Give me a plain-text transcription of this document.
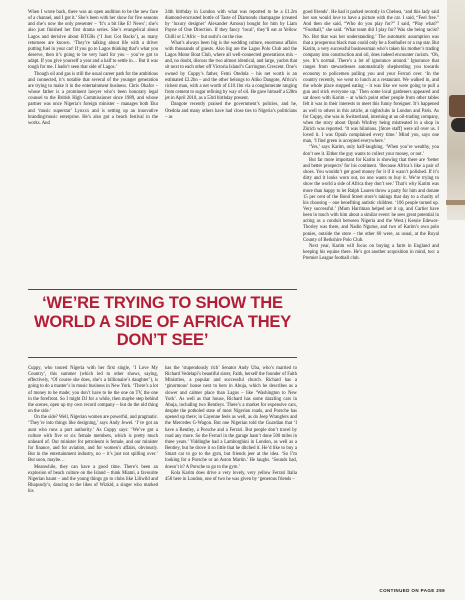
When I wrote back, there was an open audition to be the new face of a channel, and I got it.’ She’s been with her show for five seasons and she’s now the only presenter – ‘It’s a bit like E! News’; she’s also just finished her first drama series. She’s evangelical about Lagos and derisive about BTGBs (‘I Just Got Backs’), as many returnees are known. ‘They’re talking about life with a driver putting fuel in your car! If you go to Lagos thinking that’s what you deserve, then it’s going to be very hard for you – you’ve got to adapt. If you give yourself a year and a half to settle in… But it was tough for me. I hadn’t seen that side of Lagos.’

Though oil and gas is still the usual career path for the ambitious and connected, it’s notable that several of the younger generation are trying to make it in the entertainment business. Chris Okafor – whose father is a prominent lawyer who’s been honorary legal counsel to the British High Commissioner since 1989, and whose partner was once Nigeria’s foreign minister – manages both Eku and ‘music superstar’ Lynxxx and is setting up an innovative branding/music enterprise. He’s also got a beach festival in the works. And

24th birthday in London with what was reported to be a £1.2m diamond-encrusted bottle of Taste of Diamonds champagne (created by ‘luxury designer’ Alexander Amosu) bought for him by Liam Payne of One Direction. If they fancy ‘local’, they’ll eat at Yellow Chilli or L’Afric – but sushi’s on the rise.

What’s always been big is the wedding culture, enormous affairs with thousands of guests. Also big are the Lagos Polo Club and the Lagos Motor Boat Club, where all well-connected generations mix – and, no doubt, discuss the two almost identical, and large, yachts that sit next to each other off Victoria Island’s Carrington Crescent. One’s owned by Cuppy’s father, Femi Otedola – his net worth is an estimated £2.2bn – and the other belongs to Aliko Dangote, Africa’s richest man, with a net worth of £10.1bn via a conglomerate ranging from cement to sugar refining by way of oil. He gave himself a £28m jet in April 2010, as a 53rd birthday present.

Dangote recently praised the government’s policies, and he, Otedola and many others have had close ties to Nigeria’s politicians – as

good friends’. He had it parked recently in Chelsea, ‘and this lady said her son would love to have a picture with the car. I said, “Feel free.” And then she said, “Who do you play for?” I said, “Play what?” “Football,” she said. ‘What team did I play for? Was she being racist? No. But that was her understanding.’ The automatic assumption was that a prosperous black man could only be a footballer or a rap star. But Karim, a very successful businessman who’s taken his mother’s trading company into construction and oil, does indeed encounter racism. ‘Oh, yes. It’s normal. There’s a lot of ignorance around.’ Ignorance that ranges from stewardesses automatically shepherding you towards economy to policemen pulling you and your Ferrari over. ‘In the country recently, we went to lunch at a restaurant. We walked in, and the whole place stopped eating – it was like we were going to pull a gun and stick everyone up.’ Then some local gardeners appeared and sat down with Karim – at which point other people from other tables felt it was in their interests to meet this funny foreigner. It’s happened as well to others in this article, at nightclubs in London and Paris. As for Cuppy, she was in Switzerland, interning at an oil-trading company, when the story about Oprah Winfrey being mistreated in a shop in Zürich was reported. ‘It was hilarious. [Store staff] were all over us. I loved it. I was Oprah complained every time.’ Mind you, says one man, ‘I find green is accepted everywhere.’

‘Yes,’ says Karim, only half-laughing. ‘When you’re wealthy, you don’t see it. Either the guy wants to collect your money, or not.’

But far more important for Karim is showing that there are ‘better and better prospects’ for his continent. ‘Because Africa’s like a pair of shoes. You wouldn’t get good money for it if it wasn’t polished. If it’s dirty and it looks worn out, no one wants to buy it. We’re trying to show the world a side of Africa they don’t see.’ That’s why Karim was more than happy to let Ralph Lauren throw a party for him and donate 15 per cent of the Bond Street store’s takings that day to a charity of his choosing – one benefiting autistic children. ‘106 people turned up. Very successful.’ (Mum Harriman helped set it up, and Cartier have been in touch with him about a similar event: he sees great potential in acting as a conduit between Nigeria and the West.) Kessie Edewor-Thorley was there, and Nadio Ngurue, and two of Karim’s own polo ponies, outside the store – the other 60 were, as usual, at the Royal County of Berkshire Polo Club.

Next year, Karim will focus on buying a farm in England and keeping his equine there. He’s got another acquisition in mind, too: a Premier League football club.

‘WE’RE TRYING TO SHOW THE WORLD A SIDE OF AFRICA THEY DON’T SEE’

Cuppy, who toured Nigeria with her first single, ‘I Love My Country’, this summer (which led to other shows, saying, effectively, ‘Of course she does, she’s a billionaire’s daughter’), is going to do a master’s in music business in New York. ‘There’s a lot of money to be made; you don’t have to be the one on TV, the one in the forefront. So I might DJ for a while, then maybe step behind the scenes, open up my own record company – but do the old thing on the side.’

On the side? Well, Nigerian women are powerful, and pragmatic. ‘They’re into things like designing,’ says Andy Jewel. ‘I’ve got an aunt who runs a port authority.’ As Cuppy says: ‘We’ve got a culture with five or six female members, which is pretty much unheard of. Our minister for petroleum is female, and our minister for finance, and for aviation, and for women’s affairs, obviously. But in the entertainment industry, no – it’s just not spilling over.’ But soon, maybe…

Meanwhile, they can have a good time. There’s been an explosion of beach culture on the Island – think Miami, a favourite Nigerian haunt – and the young things go to clubs like Liliwild and Rhapsody’s, dancing to the likes of Wizkid, a singer who marked his

has the ‘stupendously rich’ Senator Andy Uba, who’s married to Richard Vedelapi’s beautiful sister, Faith, herself the founder of Faith Ministries, a popular and successful church. Richard has a ‘ginormous’ house next to hers in Abuja, which he describes as a slower and calmer place than Lagos – like ‘Washington to New York’. As well as that house, Richard has some dazzling cars in Abuja, including two Bentleys. There’s a market for expensive cars, despite the potholed state of most Nigerian roads, and Porsche has opened up there; in Cayenne feels as well, as do Jeep Wranglers and the Mercedes G-Wagon. But one Nigerian told the Guardian that ‘I have a Bentley, a Porsche and a Ferrari. But people don’t travel by road any more. So the Ferrari in the garage hasn’t done 500 miles in three years.’ Viddinghe had a Lamborghini in London, as well as a Bentley, but he drove it so little that he ditched it. He’d like to buy a Smart car to go to the gym, but friends jeer at the idea. ‘So I’m looking for a Porsche or an Aston Martin.’ He laughs. ‘Sounds bad, doesn’t it? A Porsche to go to the gym.’

Kola Karim does drive a very lovely, very yellow Ferrari Italia 458 here in London, one of two he was given by ‘generous friends –

CONTINUED ON PAGE 259
